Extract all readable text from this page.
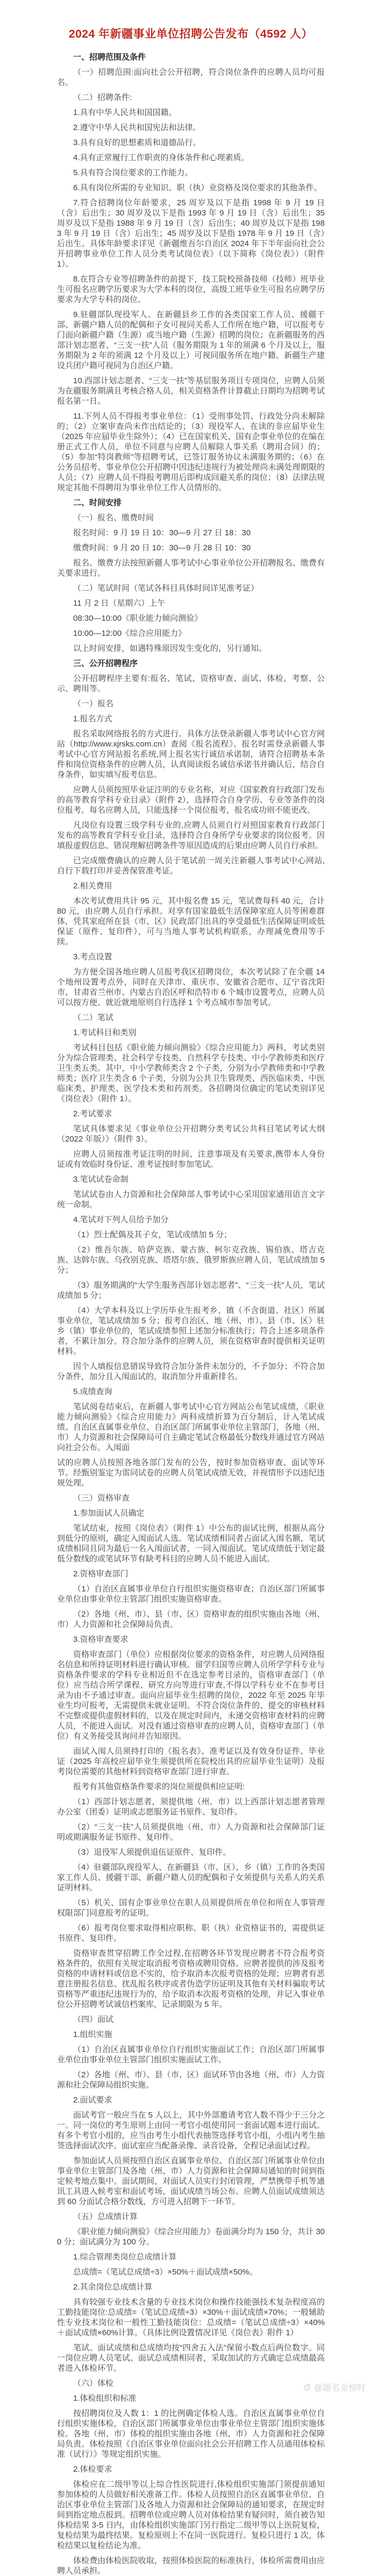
2024 年新疆事业单位招聘公告发布（4592 人）

一、招聘范围及条件

（一）招聘范围:面向社会公开招聘，符合岗位条件的应聘人员均可报名。

（二）招聘条件:

1.具有中华人民共和国国籍。

2.遵守中华人民共和国宪法和法律。

3.具有良好的思想素质和道德品行。

4.具有正常履行工作职责的身体条件和心理素质。

5.具有符合岗位要求的工作能力。

6.具有岗位所需的专业知识、职（执）业资格及岗位要求的其他条件。

7.符合招聘岗位年龄要求，25 周岁及以下是指 1998 年 9 月 19 日（含）后出生；30 周岁及以下是指 1993 年 9 月 19 日（含）后出生；35 周岁及以下是指 1988 年 9 月 19 日（含）后出生；40 周岁及以下是指 1983 年 9 月 19 日（含）后出生；45 周岁及以下是指 1978 年 9 月 19 日（含）后出生。具体年龄要求详见《新疆维吾尔自治区 2024 年下半年面向社会公开招聘事业单位工作人员分类考试岗位表》（以下简称《岗位表》）（附件 1）。

8.在符合专业等招聘条件的前提下，技工院校预备技师（技师）班毕业生可报名应聘学历要求为大学本科的岗位，高级工班毕业生可报名应聘学历要求为大学专科的岗位。

9.驻疆部队现役军人、在新疆县乡工作的各类国家工作人员、援疆干部、新疆户籍人员的配偶和子女可视同关系人工作所在地户籍，可以报考专门面向新疆户籍（生源）或当地户籍（生源）招聘的岗位；在新疆服务的西部计划志愿者、“三支一扶”人员（服务期限为 1 年的须满 6 个月及以上，服务期限为 2 年的须满 12 个月及以上）可视同服务所在地户籍。新疆生产建设兵团户籍可视同为自治区户籍。

10.西部计划志愿者、“三支一扶”等基层服务项目专项岗位，应聘人员须为在疆服务期满且考核合格人员，相关资格条件计算截止日期均为招聘考试报名第一日。

11.下列人员不得报考事业单位：（1）受刑事处罚、行政处分尚未解除的；（2）立案审查尚未作出结论的；（3）现役军人、在读的非应届毕业生（2025 年应届毕业生除外）；（4）已在国家机关、国有企事业单位的在编在册正式工作人员，单位不同意与应聘人员解除人事关系（聘用合同）的；（5）参加“特岗教师”等招聘考试，已签订服务协议未满服务期的；（6）在公务员招考、事业单位公开招聘中因违纪违规行为被处理尚未满处理期限的人员；（7）应聘人员不得报考聘用后即构成回避关系的岗位；（8）法律法规规定其他不得聘用为事业单位工作人员情形的。

二、时间安排

（一）报名、缴费时间

报名时间：9 月 19 日 10：30—9 月 27 日 18：30

缴费时间：9 月 20 日 10：30—9 月 28 日 10：30

报名、缴费方法按照新疆人事考试中心事业单位公开招聘报名、缴费有关要求进行。

（二）笔试时间（笔试各科目具体时间详见准考证）

11 月 2 日（星期六）上午

08:30—10:00《职业能力倾向测验》

10:00—12:00《综合应用能力》

以上时间安排，如遇特殊原因发生变化的，另行通知。

三、公开招聘程序

公开招聘程序主要有:报名、笔试、资格审查、面试、体检、考察、公示、聘用等。

（一）报名

1.报名方式

报名采取网络报名的方式进行。具体方法登录新疆人事考试中心官方网站（http://www.xjrsks.com.cn）查阅《报名流程》。报名时需登录新疆人事考试中心官方网站报名系统,网上报名实行诚信承诺制，请符合招聘基本条件和岗位资格条件的应聘人员，认真阅读报名诚信承诺书并确认后，结合自身条件，如实填写报考信息。

应聘人员须按照毕业证注明的专业名称，对应《国家教育行政部门发布的高等教育学科专业目录》（附件 2），选择符合自身学历、专业等条件的岗位报考。每名应聘人员，只能选择一个岗位报考，报名成功则不能更改。

凡岗位有设置三级学科专业的,应聘人员须自行对照国家教育行政部门发布的高等教育学科专业目录，选择符合自身所学专业要求的岗位报考。因填报虚假信息、错误理解招聘条件等原因造成的后果由应聘人员自行承担。

已完成缴费确认的应聘人员于笔试前一周关注新疆人事考试中心网站,自行下载打印并妥善保管准考证。

2.相关费用

本次考试费用共计 95 元，其中报名费 15 元，笔试费每科 40 元，合计 80 元，由应聘人员自行承担。对享有国家最低生活保障家庭人员等困难群体，凭其家庭所在县（市、区）民政部门出具的享受最低生活保障证明或低保证（原件、复印件），可与当地人事考试机构联系，办理减免费用等手续。

3.考点设置

为方便全国各地应聘人员报考我区招聘岗位，本次考试除了在全疆 14 个地州设置考点外，同时在天津市、重庆市、安徽省合肥市、辽宁省沈阳市、甘肃省兰州市、内蒙古自治区呼和浩特市 6 个城市设置考点，应聘人员可以按方便、就近就地原则自行选择 1 个考点城市参加考试。

（二）笔试

1.考试科目和类别

考试科目包括《职业能力倾向测验》《综合应用能力》两科，考试类别分为综合管理类、社会科学专技类、自然科学专技类、中小学教师类和医疗卫生类五类。其中，中小学教师类含 2 个子类，分别为小学教师类和中学教师类；医疗卫生类含 6 个子类，分别为公共卫生管理类、西医临床类、中医临床类、护理类、医学技术类和药剂类。各招聘岗位确定的笔试类别详见《岗位表》（附件 1）。

2.考试要求

笔试具体要求见《事业单位公开招聘分类考试公共科目笔试考试大纲（2022 年版）》（附件 3）。

应聘人员须按准考证注明的时间、注意事项及有关要求,携带本人身份证或有效临时身份证、准考证按时参加笔试。

3.笔试试卷命制

笔试试卷由人力资源和社会保障部人事考试中心采用国家通用语言文字统一命制。

4.笔试对下列人员给予加分

（1）烈士配偶及其子女，笔试成绩加 5 分；

（2）维吾尔族、哈萨克族、蒙古族、柯尔克孜族、锡伯族、塔吉克族、达斡尔族、乌孜别克族、塔塔尔族、俄罗斯族应聘人员，笔试成绩加 5 分；

（3）服务期满的“大学生服务西部计划志愿者”、“三支一扶”人员，笔试成绩加 5 分；

（4）大学本科及以上学历毕业生报考乡、镇（不含街道、社区）所属事业单位，笔试成绩加 5 分；报考自治区、地（州、市）、县（市、区）驻乡（镇）事业单位的，笔试成绩参照上述加分标准执行；符合上述多项条件者，不累计加分。符合加分条件的应聘人员，须在资格审查时提供相关证明材料。

因个人填报信息错误导致符合加分条件未加分的，不予加分；不符合加分条件，加分且入闱面试的，取消加分并重新排名。

5.成绩查询

笔试阅卷结束后，在新疆人事考试中心官方网站公布笔试成绩，《职业能力倾向测验》《综合应用能力》两科成绩折算为百分制后，计入笔试成绩。自治区直属事业单位、自治区部门所属事业单位主管部门，各地（州、市）人力资源和社会保障局可自主确定笔试合格最低分数线并通过官方网站向社会公布。入闱面

试的应聘人员按照各地各部门发布的公告，按时参加资格审查、面试等环节。经甄别鉴定为雷同试卷的应聘人员笔试成绩无效，并视情形予以违纪违规处理。

（三）资格审查

1.参加面试人员确定

笔试结束，按照《岗位表》（附件 1）中公布的面试比例，根据从高分到低分的原则，确定入闱面试人选。笔试成绩相同者占面试入闱名额，笔试成绩相同且同为最后一名入闱面试者，一同入闱面试。笔试成绩低于划定最低分数线的或笔试环节有缺考科目的应聘人员不能进入面试。

2.资格审查部门

（1）自治区直属事业单位自行组织实施资格审查；自治区部门所属事业单位由事业单位主管部门组织实施资格审查。

（2）各地（州、市）、县（市、区）资格审查的组织实施由各地（州、市）人力资源和社会保障局负责。

3.资格审查要求

资格审查部门（单位）应根据岗位要求的资格条件，对应聘人员网络报名信息和所持证明材料进行确认审核。留学归国等应聘人员所学学科专业与资格条件要求的学科专业相近但不在选定参考目录的，资格审查部门（单位）应当结合所学课程、研究方向等进行审查,不得以学科专业不在参考目录为由不予通过审查。面向应届毕业生招聘的岗位，2022 年至 2025 年毕业生均可报考，无需提供未就业证明。不符合岗位条件的、提交的审核材料不完整或提供虚假材料的，以及在规定时间内，未递交资格审查材料的应聘人员，不能进入面试。对没有通过资格审查的应聘人员，资格审查部门（单位）有义务接受其询问并告知原因。

面试入闱人员须持打印的《报名表》、准考证以及有效身份证件、毕业证（2025 年高校应届毕业生须提供所在院校出具的应届毕业生证明）及报考岗位需要的其他材料到资格审查部门进行审查。

报考有其他资格条件要求的岗位须提供相应证明:

（1）西部计划志愿者，须提供地（州、市）以上西部计划志愿者管理办公室（团委）证明或志愿服务证书原件、复印件。

（2）“三支一扶”人员须提供地（州、市）人力资源和社会保障部门证明或期满服务证书原件、复印件。

（3）退役军人须提供退伍证原件、复印件。

（4）驻疆部队现役军人、在新疆县（市、区）、乡（镇）工作的各类国家工作人员、援疆干部、新疆户籍人员的配偶和子女须提供与关系人的关系证明材料。

（5）机关、国有企事业单位在职人员须提供所在单位和所在人事管理权限部门同意报考的证明。

（6）报考岗位要求取得相应职称、职（执）业资格证书的，需提供证书原件、复印件。

资格审查贯穿招聘工作全过程,在招聘各环节发现应聘者不符合报考资格条件的，依照有关规定取消报考资格或聘用资格。应聘者提供的涉及报考资格的申请材料或信息不实的，给予取消本次报考资格的处理；应聘者有恶意注册报名信息、扰乱报名秩序或者伪造学历证明及其他有关材料骗取考试资格等严重违纪违规行为的，给予取消本次报考资格的处理，并记入事业单位公开招聘考试诚信档案库，记录期限为 5 年。

（四）面试

1.组织实施

（1）自治区直属事业单位自行组织实施面试工作；自治区部门所属事业单位由事业单位主管部门组织实施面试工作。

（2）各地（州、市）、县（市、区）面试环节由各地（州、市）人力资源和社会保障局组织实施。

2.面试要求

面试考官一般应当在 5 人以上，其中外部邀请考官人数不得少于三分之一。同一岗位的考生原则上由同一考官小组使用同一套面试题本进行面试。有多个考官小组的，应当由考生小组代表抽签选择考官小组，小组内考生抽签选择面试次序。面试室应当配备录像、录音设备，全程记录面试过程。

参加面试人员须按照自治区直属事业单位、自治区部门所属事业单位由事业单位主管部门及各地（州、市）人力资源和社会保障局通知的时间到指定候考地点集中。面试期间，对面试人员实行封闭管理，严禁携带手机等通讯工具进入候考室和面试考场，面试成绩当场公布。应聘人员面试成绩须达到 60 分面试合格分数线，方可进入招聘下一环节。

（五）总成绩计算

《职业能力倾向测验》《综合应用能力》卷面满分均为 150 分，共计 300 分；面试满分为 100 分。

1.综合管理类岗位总成绩计算

总成绩=（笔试总成绩÷3）×50%＋面试成绩×50%。

2.其余岗位总成绩计算

具有较强专业技术含量的专业技术岗位和操作技能强技术复杂程度高的工勤技能岗位:总成绩=（笔试总成绩÷3）×30%＋面试成绩×70%；一般辅助性专业技术岗位和一般性工勤技能岗位：总成绩=（笔试总成绩÷3）×40%＋面试成绩×60%计算。（具体比例设置情况详见《岗位表》附件 1）

笔试、面试成绩和总成绩均按“四舍五入法”保留小数点后两位数字。同一岗位应聘人员笔试、面试总成绩相同者，采取加试的方式确定总成绩最高者进入体检环节。

（六）体检

1.体检组织和标准

按招聘岗位及人数 1：1 的比例确定体检人选。自治区直属事业单位自行组织实施体检，自治区部门所属事业单位由事业单位主管部门组织实施体检。各地（州、市）体检的组织实施由各地（州、市）人力资源和社会保障局负责。体检按照《自治区事业单位面向社会公开招聘工作人员通用体检标准（试行）》等规定组织实施。

2.体检要求

体检应在二级甲等以上综合性医院进行,体检组织实施部门须提前通知参加体检的人员做好相关准备工作。体检人员按照自治区直属事业单位、自治区事业单位主管部门及各地人力资源和社会保障局的通知要求，在规定时间到指定地点报到。招聘单位或应聘人员对体检结果有疑问时，须自被告知体检结果 3-5 日内，由体检组织实施部门另行指定二级甲等以上医院复检，复检结果为最终结果。复检原则上不在同一医院进行。复检只进行 1 次，体检结果以复检结论为准。

体检费由体检医院收取，按照体检医院的标准执行，体检所需费用由应聘人员承担。

@题名金榜时
